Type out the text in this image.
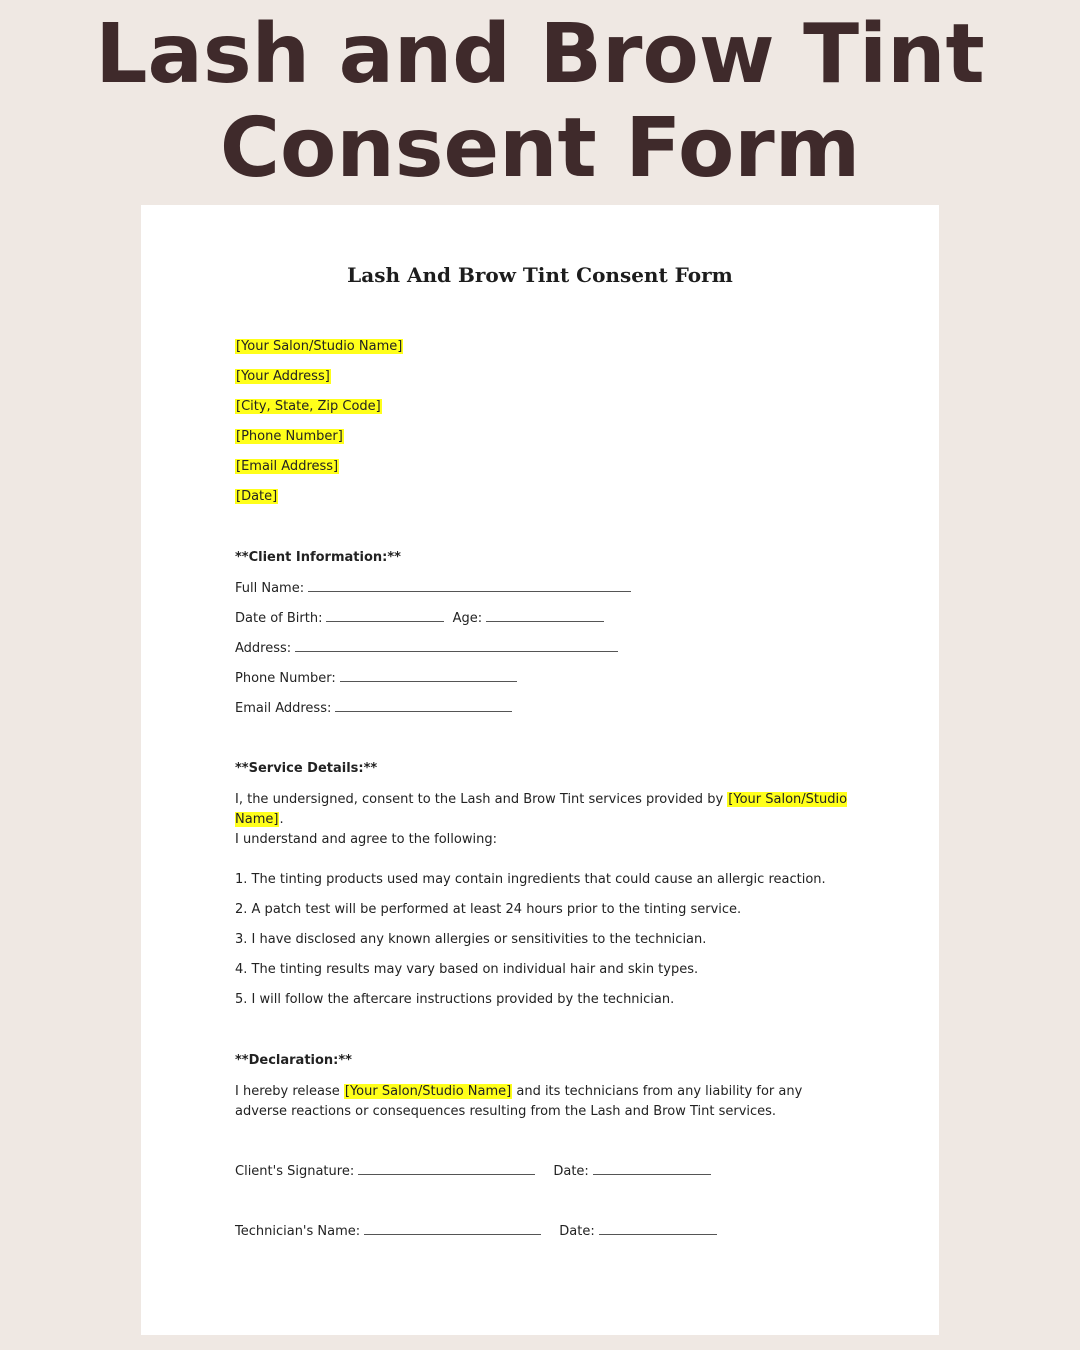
Lash and Brow Tint
Consent Form
Lash And Brow Tint Consent Form
[Your Salon/Studio Name]
[Your Address]
[City, State, Zip Code]
[Phone Number]
[Email Address]
[Date]
**Client Information:**
Full Name:
Date of Birth:	Age:
Address:
Phone Number:
Email Address:
**Service Details:**
I, the undersigned, consent to the Lash and Brow Tint services provided by [Your Salon/Studio Name].
I understand and agree to the following:
1. The tinting products used may contain ingredients that could cause an allergic reaction.
2. A patch test will be performed at least 24 hours prior to the tinting service.
3. I have disclosed any known allergies or sensitivities to the technician.
4. The tinting results may vary based on individual hair and skin types.
5. I will follow the aftercare instructions provided by the technician.
**Declaration:**
I hereby release [Your Salon/Studio Name] and its technicians from any liability for any adverse reactions or consequences resulting from the Lash and Brow Tint services.
Client's Signature:	Date:
Technician's Name:	Date:
